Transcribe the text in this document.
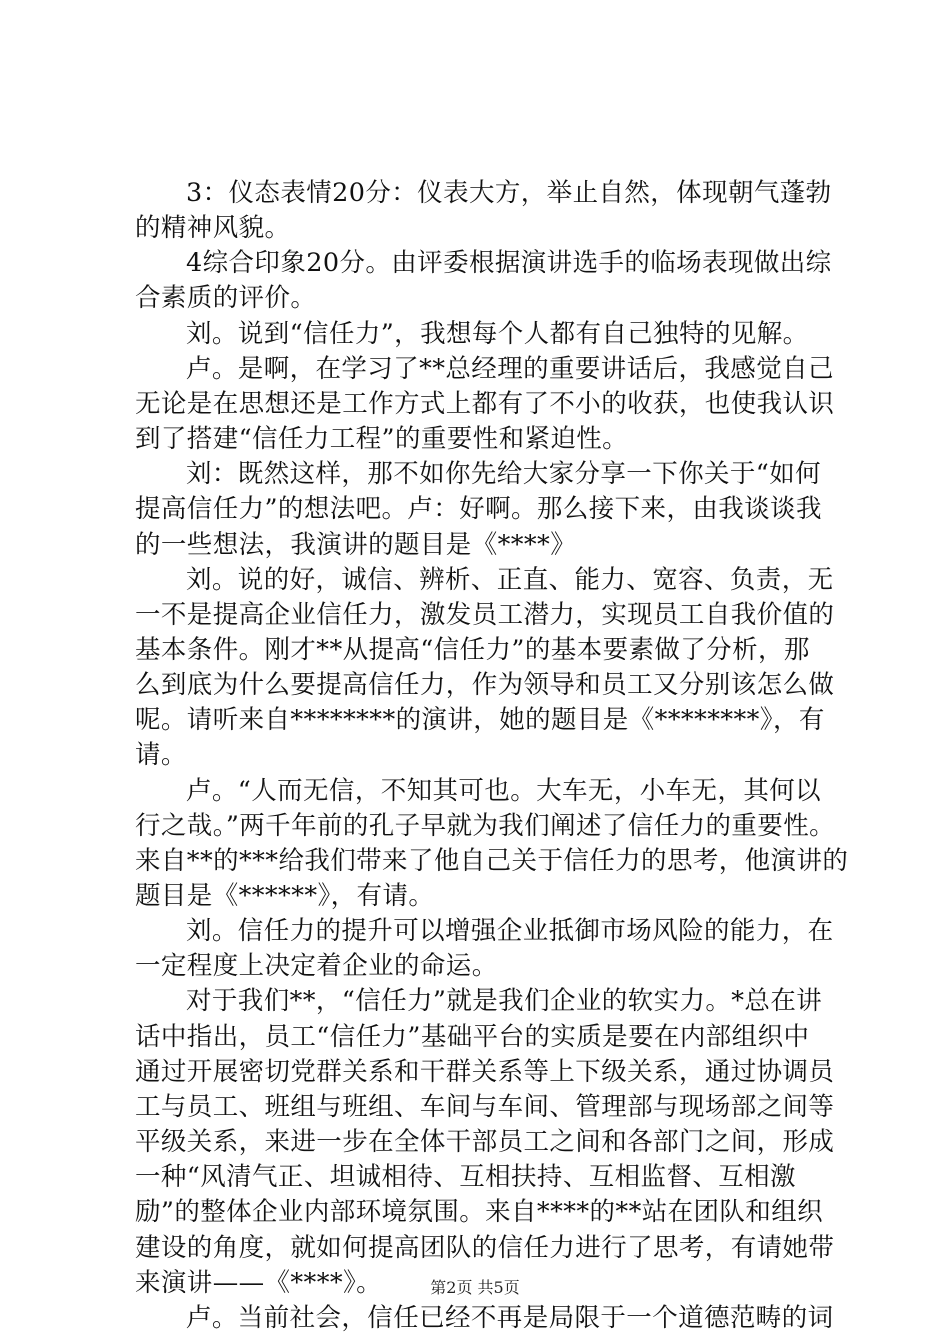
3：仪态表情20分：仪表大方，举止自然，体现朝气蓬勃
的精神风貌。
4综合印象20分。由评委根据演讲选手的临场表现做出综
合素质的评价。
刘。说到“信任力”，我想每个人都有自己独特的见解。
卢。是啊，在学习了**总经理的重要讲话后，我感觉自己
无论是在思想还是工作方式上都有了不小的收获，也使我认识
到了搭建“信任力工程”的重要性和紧迫性。
刘：既然这样，那不如你先给大家分享一下你关于“如何
提高信任力”的想法吧。卢：好啊。那么接下来，由我谈谈我
的一些想法，我演讲的题目是《****》
刘。说的好，诚信、辨析、正直、能力、宽容、负责，无
一不是提高企业信任力，激发员工潜力，实现员工自我价值的
基本条件。刚才**从提高“信任力”的基本要素做了分析，那
么到底为什么要提高信任力，作为领导和员工又分别该怎么做
呢。请听来自********的演讲，她的题目是《********》，有
请。
卢。“人而无信，不知其可也。大车无，小车无，其何以
行之哉。”两千年前的孔子早就为我们阐述了信任力的重要性。
来自**的***给我们带来了他自己关于信任力的思考，他演讲的
题目是《******》，有请。
刘。信任力的提升可以增强企业抵御市场风险的能力，在
一定程度上决定着企业的命运。
对于我们**，“信任力”就是我们企业的软实力。*总在讲
话中指出，员工“信任力”基础平台的实质是要在内部组织中
通过开展密切党群关系和干群关系等上下级关系，通过协调员
工与员工、班组与班组、车间与车间、管理部与现场部之间等
平级关系，来进一步在全体干部员工之间和各部门之间，形成
一种“风清气正、坦诚相待、互相扶持、互相监督、互相激
励”的整体企业内部环境氛围。来自****的**站在团队和组织
建设的角度，就如何提高团队的信任力进行了思考，有请她带
来演讲——《****》。
卢。当前社会，信任已经不再是局限于一个道德范畴的词
第2页 共5页
